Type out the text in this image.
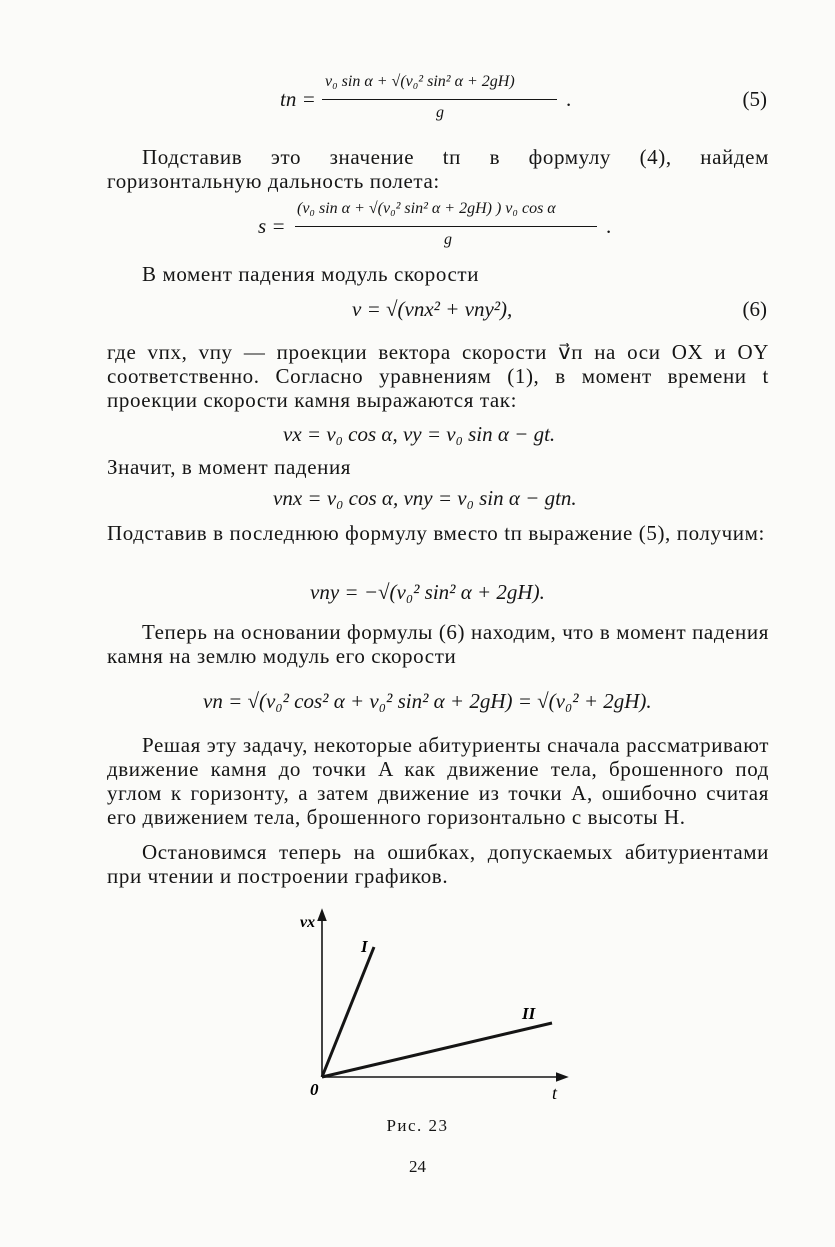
tп =
v₀ sin α + √(v₀² sin² α + 2gH)
g
.	(5)

Подставив это значение tп в формулу (4), найдем горизонтальную дальность полета:

s =
(v₀ sin α + √(v₀² sin² α + 2gH) ) v₀ cos α
g
.

В момент падения модуль скорости

v = √(vпx² + vпy²),	(6)

где vпx, vпy — проекции вектора скорости v⃗п на оси OX и OY соответственно. Согласно уравнениям (1), в момент времени t проекции скорости камня выражаются так:

vx = v₀ cos α, vy = v₀ sin α − gt.

Значит, в момент падения

vпx = v₀ cos α, vпy = v₀ sin α − gtп.

Подставив в последнюю формулу вместо tп выражение (5), получим:

vпy = −√(v₀² sin² α + 2gH).

Теперь на основании формулы (6) находим, что в момент падения камня на землю модуль его скорости

vп = √(v₀² cos² α + v₀² sin² α + 2gH) = √(v₀² + 2gH).

Решая эту задачу, некоторые абитуриенты сначала рассматривают движение камня до точки A как движение тела, брошенного под углом к горизонту, а затем движение из точки A, ошибочно считая его движением тела, брошенного горизонтально с высоты H.

Остановимся теперь на ошибках, допускаемых абитуриентами при чтении и построении графиков.

vx
t
0
I
II
Рис. 23
24
